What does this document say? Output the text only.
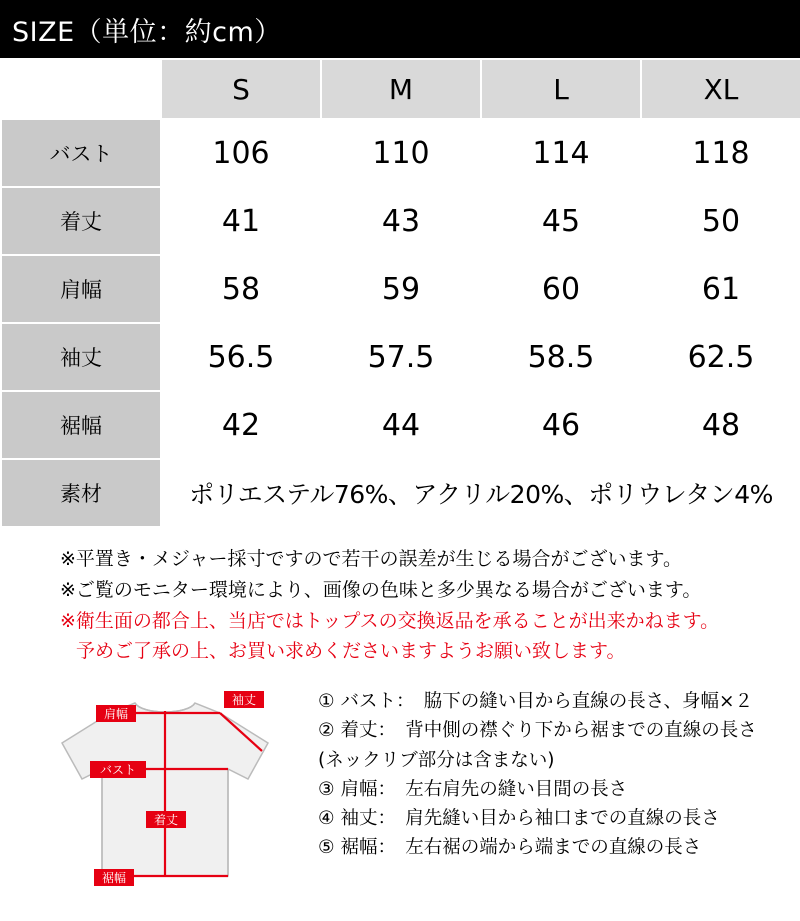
SIZE（単位：約cm）
	S	M	L	XL
バスト	106	110	114	118
着丈	41	43	45	50
肩幅	58	59	60	61
袖丈	56.5	57.5	58.5	62.5
裾幅	42	44	46	48
素材	ポリエステル76%、アクリル20%、ポリウレタン4%			
※平置き・メジャー採寸ですので若干の誤差が生じる場合がございます。
※ご覧のモニター環境により、画像の色味と多少異なる場合がございます。
※衛生面の都合上、当店ではトップスの交換返品を承ることが出来かねます。
予めご了承の上、お買い求めくださいますようお願い致します。
肩幅
袖丈
バスト
着丈
裾幅
① バスト：　脇下の縫い目から直線の長さ、身幅×２
② 着丈：　背中側の襟ぐり下から裾までの直線の長さ
(ネックリブ部分は含まない)
③ 肩幅：　左右肩先の縫い目間の長さ
④ 袖丈：　肩先縫い目から袖口までの直線の長さ
⑤ 裾幅：　左右裾の端から端までの直線の長さ
